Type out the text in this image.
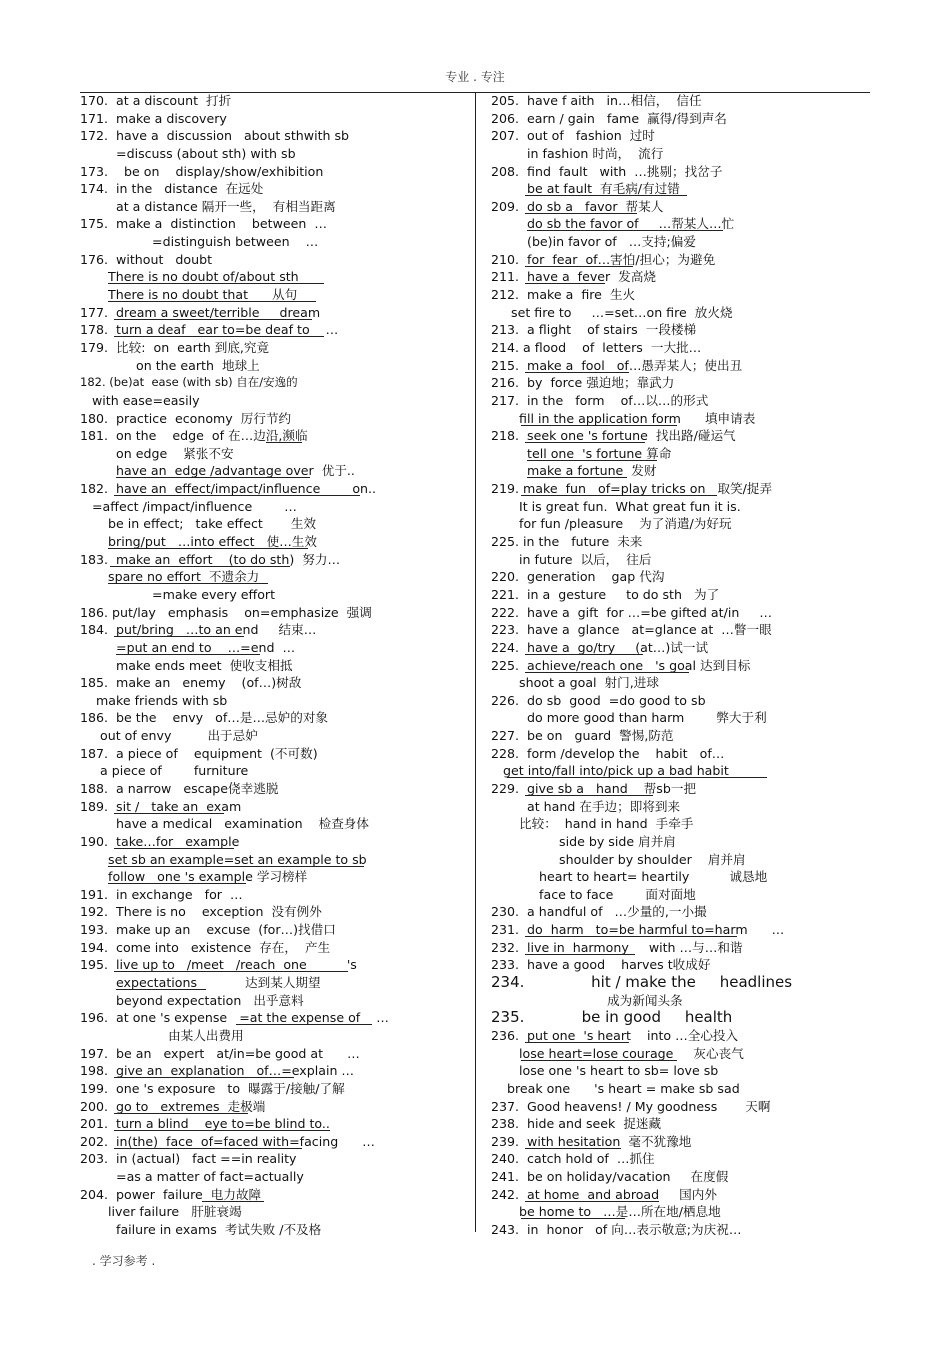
专业 . 专注
170.  at a discount  打折
171.  make a discovery
172.  have a  discussion   about sthwith sb
=discuss (about sth) with sb
173.    be on    display/show/exhibition
174.  in the   distance  在远处
at a distance 隔开一些，  有相当距离
175.  make a  distinction    between  …
=distinguish between    …
176.  without   doubt
There is no doubt of/about sth
There is no doubt that      从句
177.  dream a sweet/terrible     dream
178.  turn a deaf   ear to=be deaf to    …
179.  比较:  on  earth 到底,究竟
on the earth  地球上
182. (be)at  ease (with sb) 自在/安逸的
with ease=easily
180.  practice  economy  厉行节约
181.  on the    edge  of 在…边沿,濒临
on edge    紧张不安
have an  edge /advantage over  优于..
182.  have an  effect/impact/influence        on..
=affect /impact/influence        …
be in effect;   take effect       生效
bring/put   …into effect   使…生效
183.  make an  effort    (to do sth)  努力…
spare no effort  不遗余力
=make every effort
186. put/lay   emphasis    on=emphasize  强调
184.  put/bring   …to an end     结束…
=put an end to    …=end  …
make ends meet  使收支相抵
185.  make an   enemy    (of…)树敌
make friends with sb
186.  be the    envy   of…是…忌妒的对象
out of envy         出于忌妒
187.  a piece of    equipment  (不可数)
a piece of        furniture
188.  a narrow   escape侥幸逃脱
189.  sit /   take an  exam
have a medical   examination    检查身体
190.  take…for   example
set sb an example=set an example to sb
follow   one 's example 学习榜样
191.  in exchange   for  …
192.  There is no    exception  没有例外
193.  make up an    excuse  (for…)找借口
194.  come into   existence  存在，  产生
195.  live up to   /meet   /reach  one          's
expectations            达到某人期望
beyond expectation   出乎意料
196.  at one 's expense   =at the expense of    …
由某人出费用
197.  be an   expert   at/in=be good at      …
198.  give an  explanation   of…=explain …
199.  one 's exposure   to  曝露于/接触/了解
200.  go to   extremes  走极端
201.  turn a blind    eye to=be blind to..
202.  in(the)  face  of=faced with=facing      …
203.  in (actual)   fact ==in reality
=as a matter of fact=actually
204.  power  failure  电力故障
liver failure   肝脏衰竭
failure in exams  考试失败 /不及格
205.  have f aith   in…相信，  信任
206.  earn / gain   fame  赢得/得到声名
207.  out of   fashion  过时
in fashion 时尚，  流行
208.  find  fault   with  …挑剔；找岔子
be at fault  有毛病/有过错
209.  do sb a   favor  帮某人
do sb the favor of     …帮某人…忙
(be)in favor of   …支持;偏爱
210.  for  fear  of…害怕/担心；为避免
211.  have a  fever  发高烧
212.  make a  fire  生火
set fire to     …=set…on fire  放火烧
213.  a flight    of stairs  一段楼梯
214. a flood    of  letters  一大批…
215.  make a  fool   of…愚弄某人；使出丑
216.  by  force 强迫地；靠武力
217.  in the   form    of…以…的形式
fill in the application form      填申请表
218.  seek one 's fortune  找出路/碰运气
tell one  's fortune 算命
make a fortune  发财
219. make  fun   of=play tricks on   取笑/捉弄
It is great fun.  What great fun it is.
for fun /pleasure    为了消遣/为好玩
225. in the   future  未来
in future  以后，  往后
220.  generation    gap 代沟
221.  in a  gesture     to do sth   为了
222.  have a  gift  for …=be gifted at/in     …
223.  have a  glance   at=glance at  …瞥一眼
224.  have a  go/try     (at…)试一试
225.  achieve/reach one   's goal 达到目标
shoot a goal  射门,进球
226.  do sb  good  =do good to sb
do more good than harm        弊大于利
227.  be on   guard  警惕,防范
228.  form /develop the    habit   of…
get into/fall into/pick up a bad habit
229.  give sb a   hand    帮sb一把
at hand 在手边；即将到来
比较：  hand in hand  手牵手
side by side 肩并肩
shoulder by shoulder    肩并肩
heart to heart= heartily          诚恳地
face to face        面对面地
230.  a handful of   …少量的,一小撮
231.  do  harm   to=be harmful to=harm      …
232.  live in  harmony     with …与…和谐
233.  have a good    harves t收成好
234.              hit / make the     headlines
成为新闻头条
235.            be in good     health
236.  put one  's heart    into …全心投入
lose heart=lose courage     灰心丧气
lose one 's heart to sb= love sb
break one      's heart = make sb sad
237.  Good heavens! / My goodness       天啊
238.  hide and seek  捉迷藏
239.  with hesitation  毫不犹豫地
240.  catch hold of  …抓住
241.  be on holiday/vacation     在度假
242.  at home  and abroad     国内外
be home to   …是…所在地/栖息地
243.  in  honor   of 向…表示敬意;为庆祝…
. 学习参考 .
